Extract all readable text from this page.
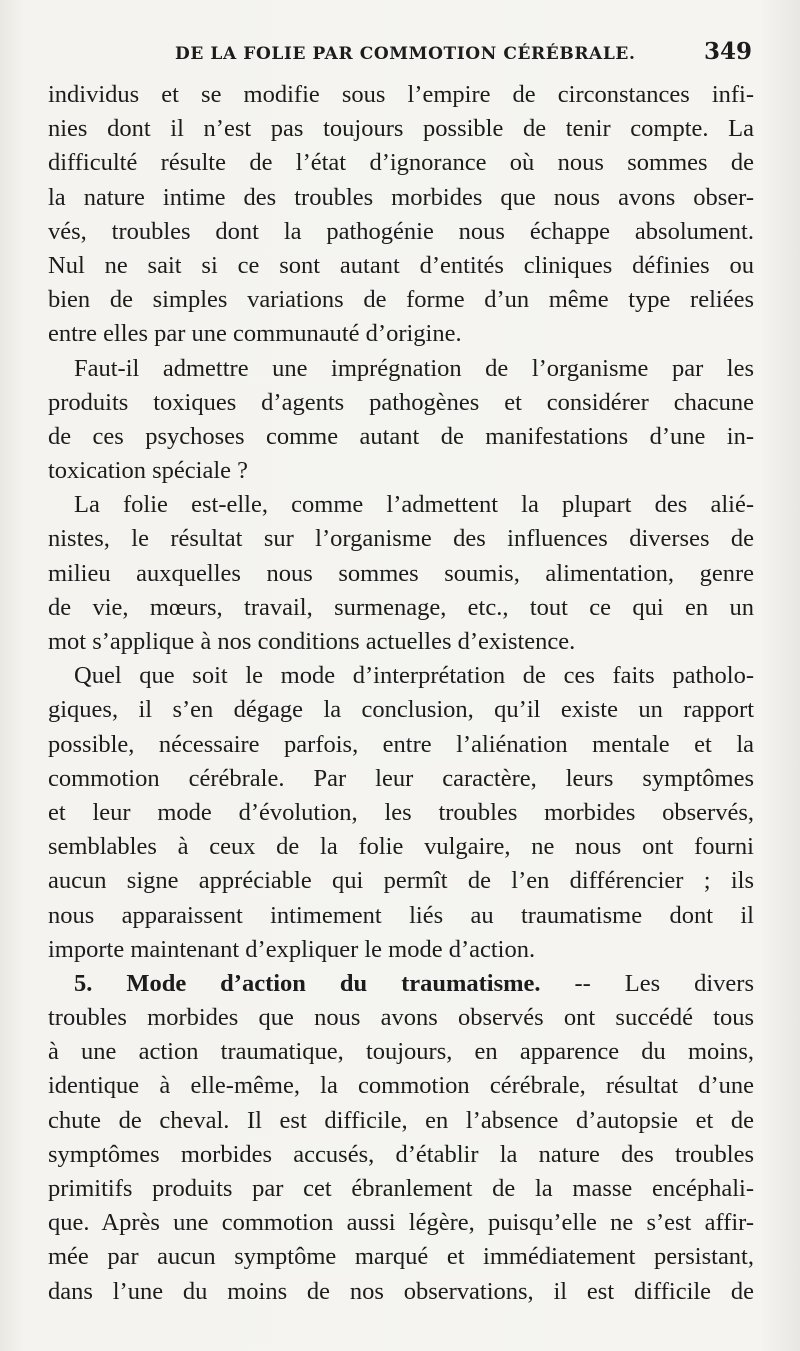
DE LA FOLIE PAR COMMOTION CÉRÉBRALE.	349
individus et se modifie sous l’empire de circonstances infi-
nies dont il n’est pas toujours possible de tenir compte. La
difficulté résulte de l’état d’ignorance où nous sommes de
la nature intime des troubles morbides que nous avons obser-
vés, troubles dont la pathogénie nous échappe absolument.
Nul ne sait si ce sont autant d’entités cliniques définies ou
bien de simples variations de forme d’un même type reliées
entre elles par une communauté d’origine.
Faut-il admettre une imprégnation de l’organisme par les
produits toxiques d’agents pathogènes et considérer chacune
de ces psychoses comme autant de manifestations d’une in-
toxication spéciale ?
La folie est-elle, comme l’admettent la plupart des alié-
nistes, le résultat sur l’organisme des influences diverses de
milieu auxquelles nous sommes soumis, alimentation, genre
de vie, mœurs, travail, surmenage, etc., tout ce qui en un
mot s’applique à nos conditions actuelles d’existence.
Quel que soit le mode d’interprétation de ces faits patholo-
giques, il s’en dégage la conclusion, qu’il existe un rapport
possible, nécessaire parfois, entre l’aliénation mentale et la
commotion cérébrale. Par leur caractère, leurs symptômes
et leur mode d’évolution, les troubles morbides observés,
semblables à ceux de la folie vulgaire, ne nous ont fourni
aucun signe appréciable qui permît de l’en différencier ; ils
nous apparaissent intimement liés au traumatisme dont il
importe maintenant d’expliquer le mode d’action.
5. Mode d’action du traumatisme. -- Les divers
troubles morbides que nous avons observés ont succédé tous
à une action traumatique, toujours, en apparence du moins,
identique à elle-même, la commotion cérébrale, résultat d’une
chute de cheval. Il est difficile, en l’absence d’autopsie et de
symptômes morbides accusés, d’établir la nature des troubles
primitifs produits par cet ébranlement de la masse encéphali-
que. Après une commotion aussi légère, puisqu’elle ne s’est affir-
mée par aucun symptôme marqué et immédiatement persistant,
dans l’une du moins de nos observations, il est difficile de
